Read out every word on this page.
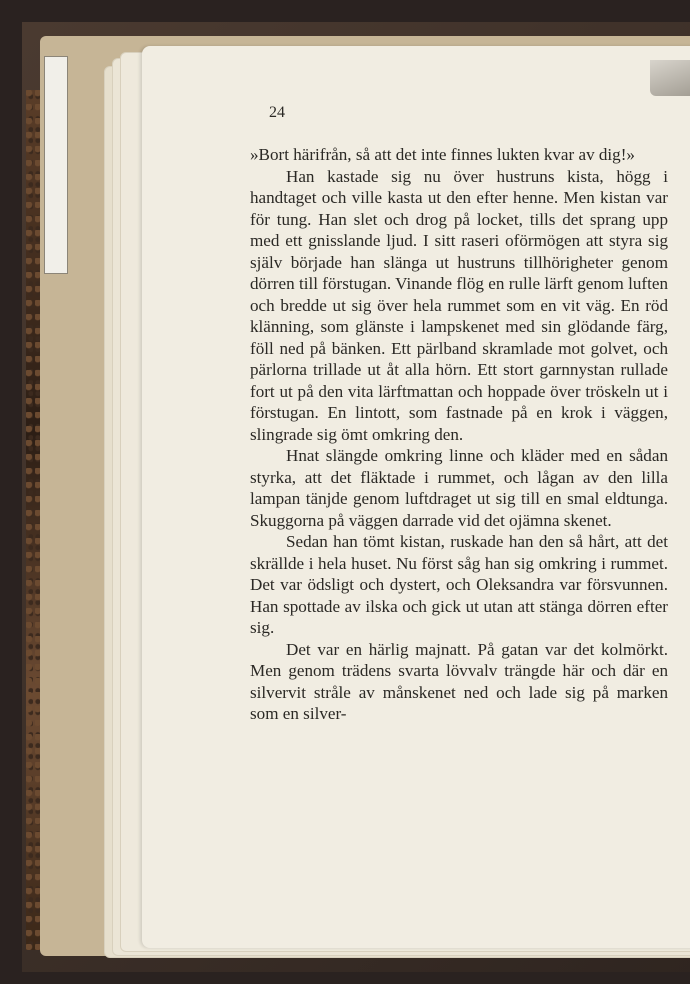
24

»Bort härifrån, så att det inte finnes lukten kvar av dig!»

Han kastade sig nu över hustruns kista, högg i handtaget och ville kasta ut den efter henne. Men kistan var för tung. Han slet och drog på locket, tills det sprang upp med ett gnisslande ljud. I sitt raseri oförmögen att styra sig själv började han slänga ut hustruns tillhörigheter genom dörren till förstugan. Vinande flög en rulle lärft genom luften och bredde ut sig över hela rummet som en vit väg. En röd klänning, som glänste i lampskenet med sin glödande färg, föll ned på bänken. Ett pärlband skramlade mot golvet, och pärlorna trillade ut åt alla hörn. Ett stort garnnystan rullade fort ut på den vita lärftmattan och hoppade över tröskeln ut i förstugan. En lintott, som fastnade på en krok i väggen, slingrade sig ömt omkring den.

Hnat slängde omkring linne och kläder med en sådan styrka, att det fläktade i rummet, och lågan av den lilla lampan tänjde genom luftdraget ut sig till en smal eldtunga. Skuggorna på väggen darrade vid det ojämna skenet.

Sedan han tömt kistan, ruskade han den så hårt, att det skrällde i hela huset. Nu först såg han sig omkring i rummet. Det var ödsligt och dystert, och Oleksandra var försvunnen. Han spottade av ilska och gick ut utan att stänga dörren efter sig.

Det var en härlig majnatt. På gatan var det kolmörkt. Men genom trädens svarta lövvalv trängde här och där en silvervit stråle av månskenet ned och lade sig på marken som en silver-
